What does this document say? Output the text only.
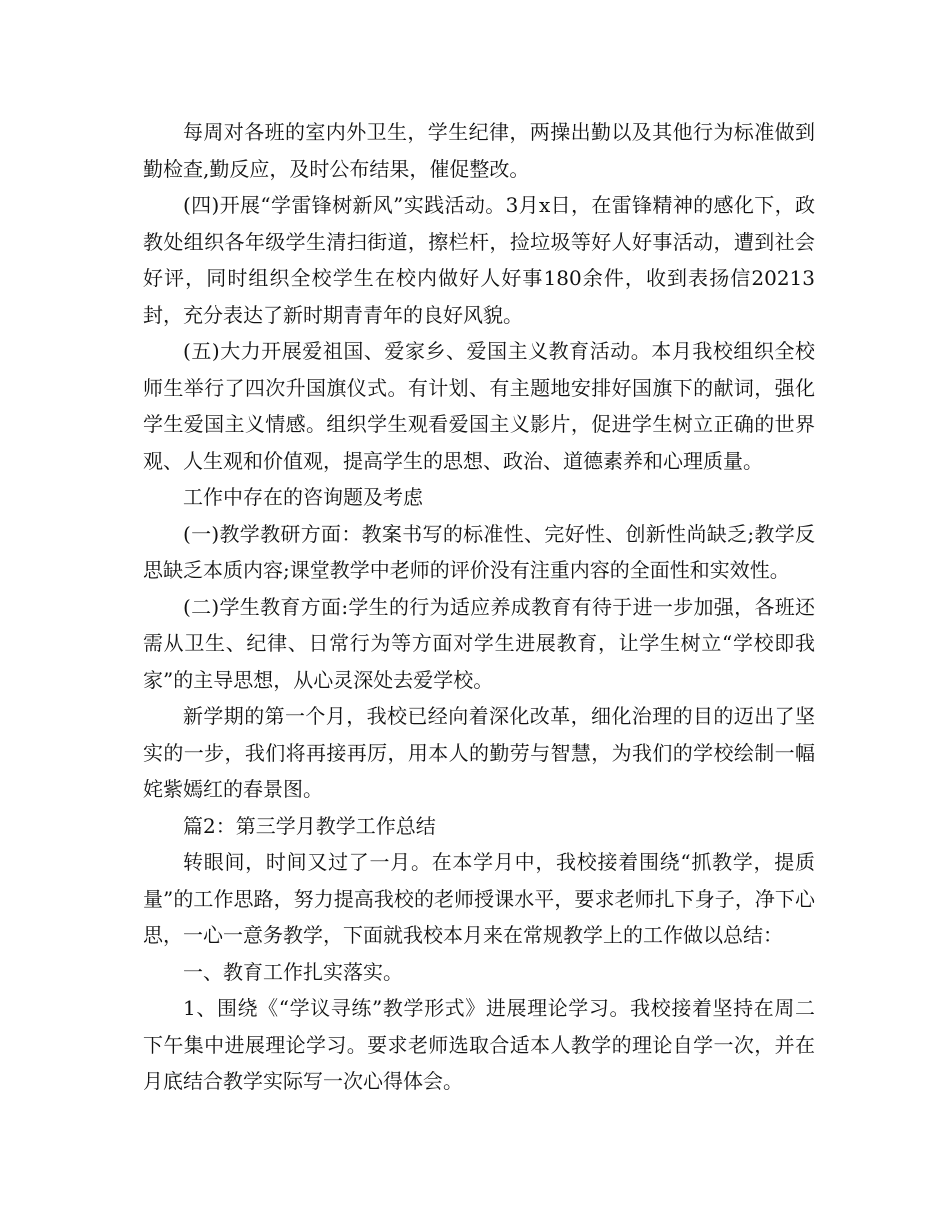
每周对各班的室内外卫生，学生纪律，两操出勤以及其他行为标准做到勤检查,勤反应，及时公布结果，催促整改。

(四)开展“学雷锋树新风”实践活动。3月x日，在雷锋精神的感化下，政教处组织各年级学生清扫街道，擦栏杆，捡垃圾等好人好事活动，遭到社会好评，同时组织全校学生在校内做好人好事180余件，收到表扬信20213封，充分表达了新时期青青年的良好风貌。

(五)大力开展爱祖国、爱家乡、爱国主义教育活动。本月我校组织全校师生举行了四次升国旗仪式。有计划、有主题地安排好国旗下的献词，强化学生爱国主义情感。组织学生观看爱国主义影片，促进学生树立正确的世界观、人生观和价值观，提高学生的思想、政治、道德素养和心理质量。

工作中存在的咨询题及考虑

(一)教学教研方面：教案书写的标准性、完好性、创新性尚缺乏;教学反思缺乏本质内容;课堂教学中老师的评价没有注重内容的全面性和实效性。

(二)学生教育方面:学生的行为适应养成教育有待于进一步加强，各班还需从卫生、纪律、日常行为等方面对学生进展教育，让学生树立“学校即我家”的主导思想，从心灵深处去爱学校。

新学期的第一个月，我校已经向着深化改革，细化治理的目的迈出了坚实的一步，我们将再接再厉，用本人的勤劳与智慧，为我们的学校绘制一幅姹紫嫣红的春景图。

篇2：第三学月教学工作总结

转眼间，时间又过了一月。在本学月中，我校接着围绕“抓教学，提质量”的工作思路，努力提高我校的老师授课水平，要求老师扎下身子，净下心思，一心一意务教学，下面就我校本月来在常规教学上的工作做以总结：

一、教育工作扎实落实。

1、围绕《“学议寻练”教学形式》进展理论学习。我校接着坚持在周二下午集中进展理论学习。要求老师选取合适本人教学的理论自学一次，并在月底结合教学实际写一次心得体会。
